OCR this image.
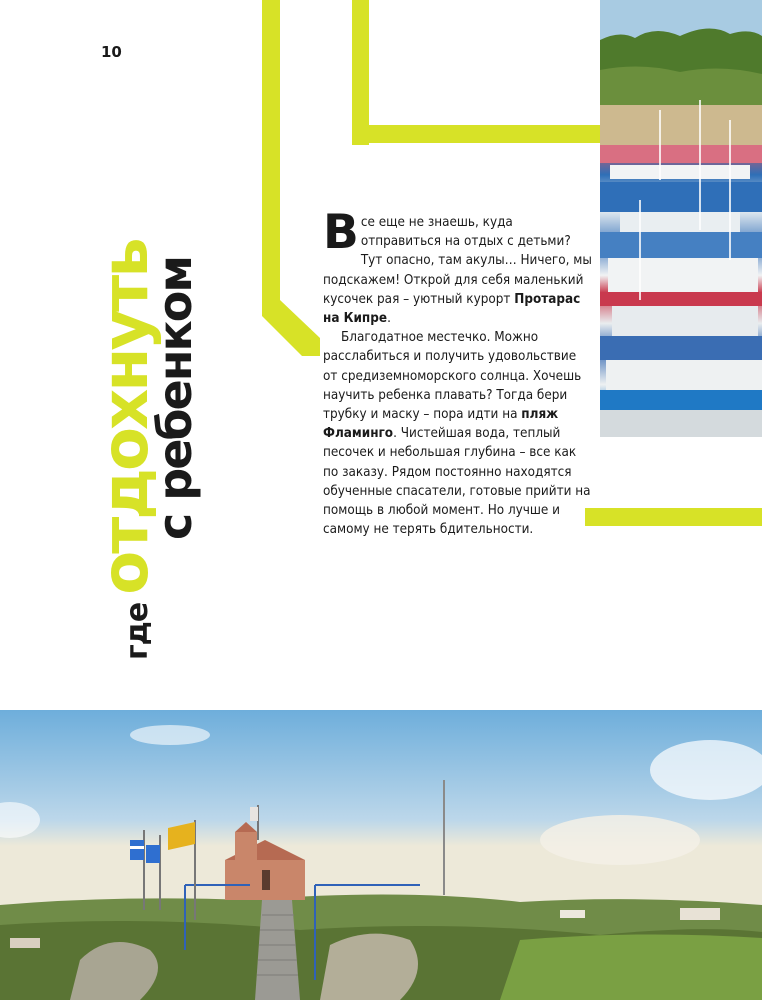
10
где
отдохнуть
с ребенком

Все еще не знаешь, куда отправиться на отдых с детьми? Тут опасно, там акулы… Ничего, мы подскажем! Открой для себя маленький кусочек рая – уютный курорт Протарас на Кипре.

Благодатное местечко. Можно расслабиться и получить удовольствие от средиземноморского солнца. Хочешь научить ребенка плавать? Тогда бери трубку и маску – пора идти на пляж Фламинго. Чистейшая вода, теплый песочек и небольшая глубина – все как по заказу. Рядом постоянно находятся обученные спасатели, готовые прийти на помощь в любой момент. Но лучше и самому не терять бдительности.
